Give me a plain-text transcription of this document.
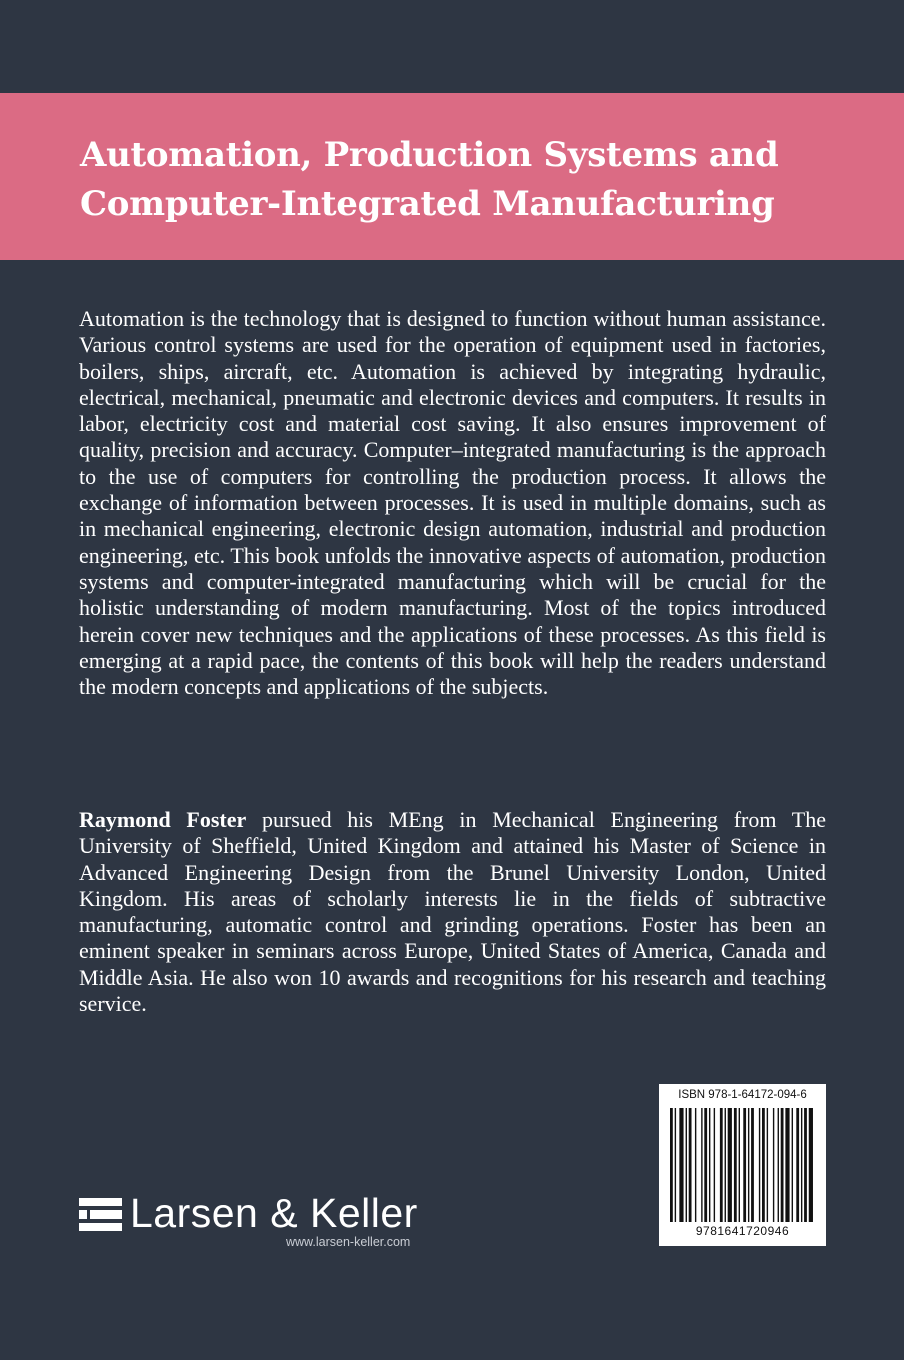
Automation, Production Systems and
Computer-Integrated Manufacturing

Automation is the technology that is designed to function without human assistance. Various control systems are used for the operation of equipment used in factories, boilers, ships, aircraft, etc. Automation is achieved by integrating hydraulic, electrical, mechanical, pneumatic and electronic devices and computers. It results in labor, electricity cost and material cost saving. It also ensures improvement of quality, precision and accuracy. Computer–integrated manufacturing is the approach to the use of computers for controlling the production process. It allows the exchange of information between processes. It is used in multiple domains, such as in mechanical engineering, electronic design automation, industrial and production engineering, etc. This book unfolds the innovative aspects of automation, production systems and computer-integrated manufacturing which will be crucial for the holistic understanding of modern manufacturing. Most of the topics introduced herein cover new techniques and the applications of these processes. As this field is emerging at a rapid pace, the contents of this book will help the readers understand the modern concepts and applications of the subjects.

Raymond Foster pursued his MEng in Mechanical Engineering from The University of Sheffield, United Kingdom and attained his Master of Science in Advanced Engineering Design from the Brunel University London, United Kingdom. His areas of scholarly interests lie in the fields of subtractive manufacturing, automatic control and grinding operations. Foster has been an eminent speaker in seminars across Europe, United States of America, Canada and Middle Asia. He also won 10 awards and recognitions for his research and teaching service.

ISBN 978-1-64172-094-6

9781641720946

Larsen & Keller

www.larsen-keller.com
